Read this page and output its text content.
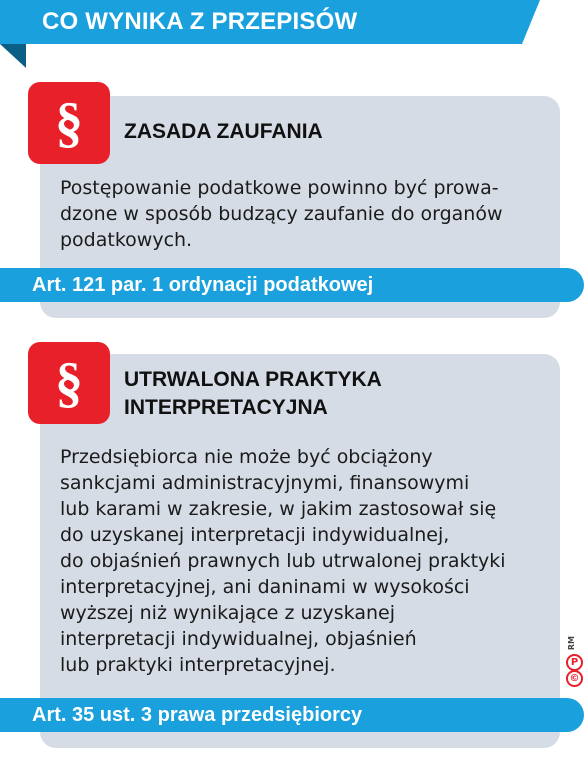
CO WYNIKA Z PRZEPISÓW
§ ZASADA ZAUFANIA
Postępowanie podatkowe powinno być prowa-
dzone w sposób budzący zaufanie do organów
podatkowych.
Art. 121 par. 1 ordynacji podatkowej
§ UTRWALONA PRAKTYKA
INTERPRETACYJNA
Przedsiębiorca nie może być obciążony
sankcjami administracyjnymi, finansowymi
lub karami w zakresie, w jakim zastosował się
do uzyskanej interpretacji indywidualnej,
do objaśnień prawnych lub utrwalonej praktyki
interpretacyjnej, ani daninami w wysokości
wyższej niż wynikające z uzyskanej
interpretacji indywidualnej, objaśnień
lub praktyki interpretacyjnej.
Art. 35 ust. 3 prawa przedsiębiorcy
RM
P
©
